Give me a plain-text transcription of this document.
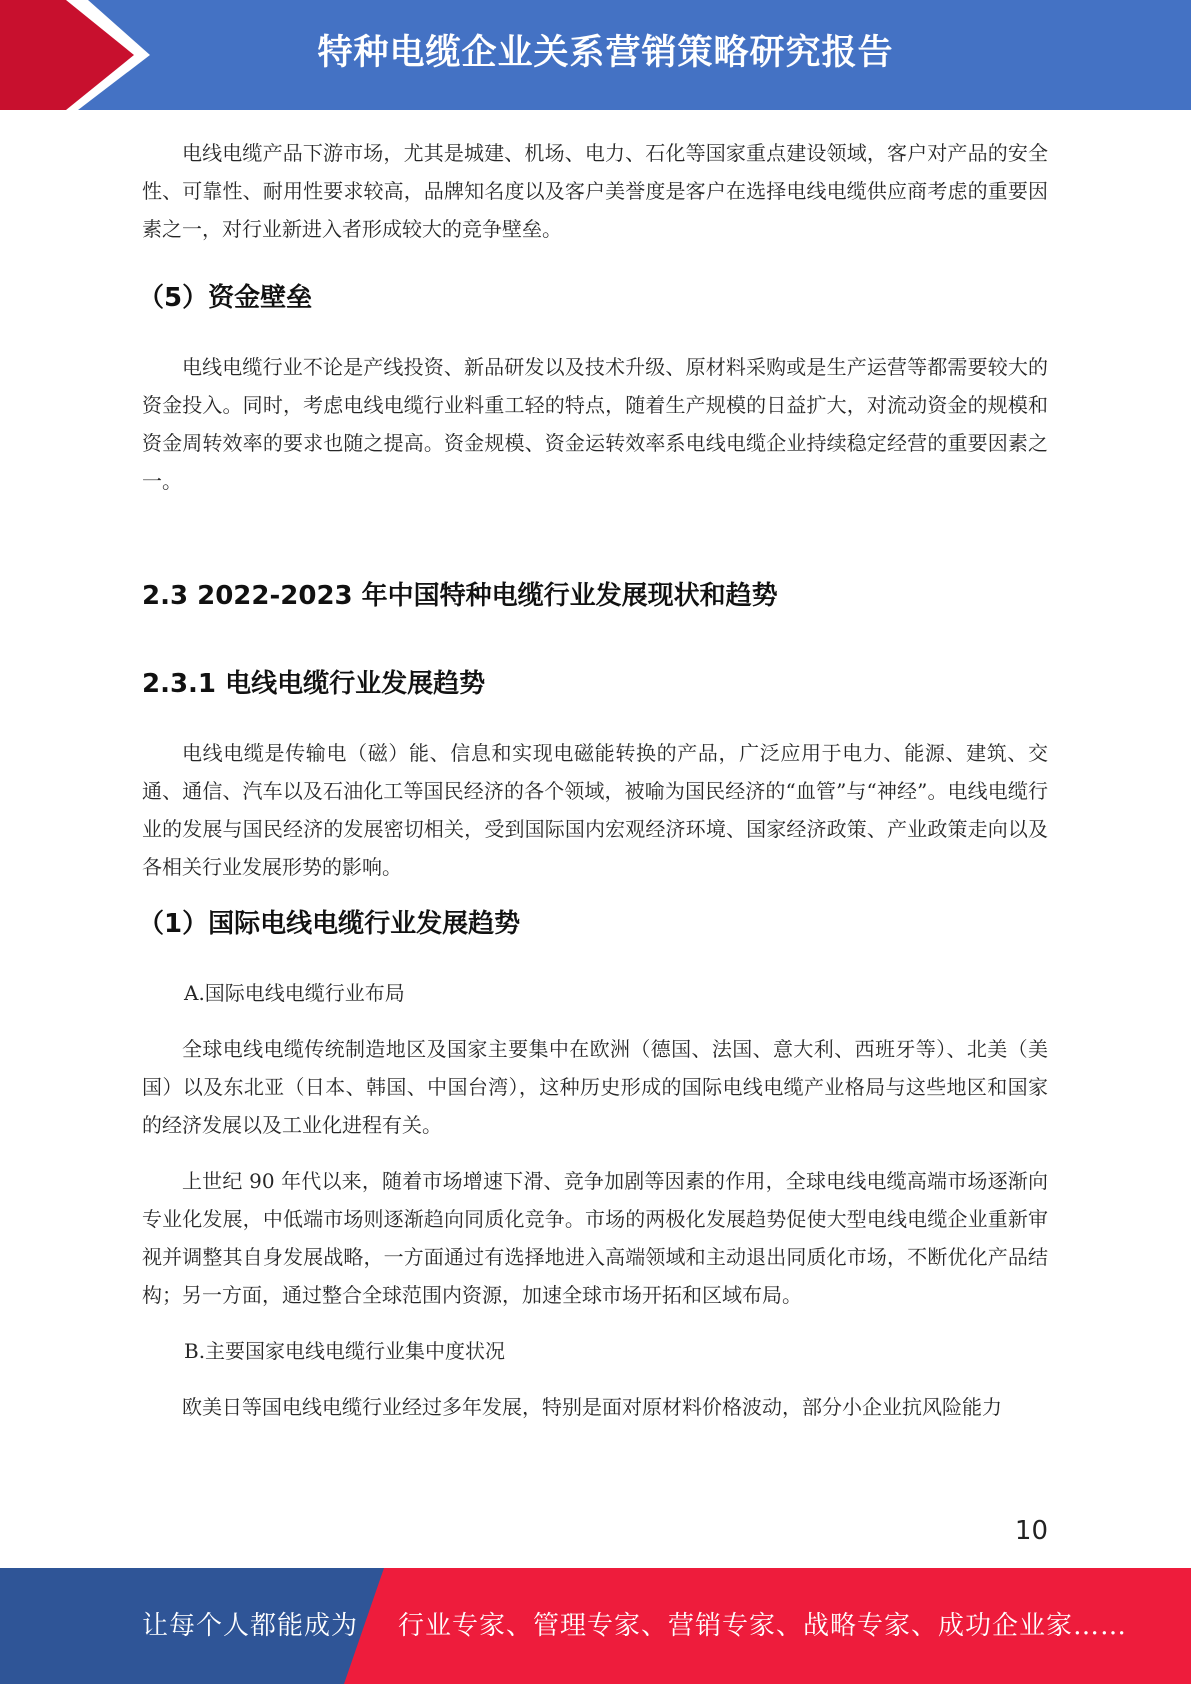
特种电缆企业关系营销策略研究报告

电线电缆产品下游市场，尤其是城建、机场、电力、石化等国家重点建设领域，客户对产品的安全性、可靠性、耐用性要求较高，品牌知名度以及客户美誉度是客户在选择电线电缆供应商考虑的重要因素之一，对行业新进入者形成较大的竞争壁垒。

（5）资金壁垒

电线电缆行业不论是产线投资、新品研发以及技术升级、原材料采购或是生产运营等都需要较大的资金投入。同时，考虑电线电缆行业料重工轻的特点，随着生产规模的日益扩大，对流动资金的规模和资金周转效率的要求也随之提高。资金规模、资金运转效率系电线电缆企业持续稳定经营的重要因素之一。

2.3 2022-2023 年中国特种电缆行业发展现状和趋势
2.3.1 电线电缆行业发展趋势

电线电缆是传输电（磁）能、信息和实现电磁能转换的产品，广泛应用于电力、能源、建筑、交通、通信、汽车以及石油化工等国民经济的各个领域，被喻为国民经济的“血管”与“神经”。电线电缆行业的发展与国民经济的发展密切相关，受到国际国内宏观经济环境、国家经济政策、产业政策走向以及各相关行业发展形势的影响。

（1）国际电线电缆行业发展趋势

A.国际电线电缆行业布局

全球电线电缆传统制造地区及国家主要集中在欧洲（德国、法国、意大利、西班牙等）、北美（美国）以及东北亚（日本、韩国、中国台湾），这种历史形成的国际电线电缆产业格局与这些地区和国家的经济发展以及工业化进程有关。

上世纪 90 年代以来，随着市场增速下滑、竞争加剧等因素的作用，全球电线电缆高端市场逐渐向专业化发展，中低端市场则逐渐趋向同质化竞争。市场的两极化发展趋势促使大型电线电缆企业重新审视并调整其自身发展战略，一方面通过有选择地进入高端领域和主动退出同质化市场，不断优化产品结构；另一方面，通过整合全球范围内资源，加速全球市场开拓和区域布局。

B.主要国家电线电缆行业集中度状况

欧美日等国电线电缆行业经过多年发展，特别是面对原材料价格波动，部分小企业抗风险能力

10
让每个人都能成为 行业专家、管理专家、营销专家、战略专家、成功企业家……
